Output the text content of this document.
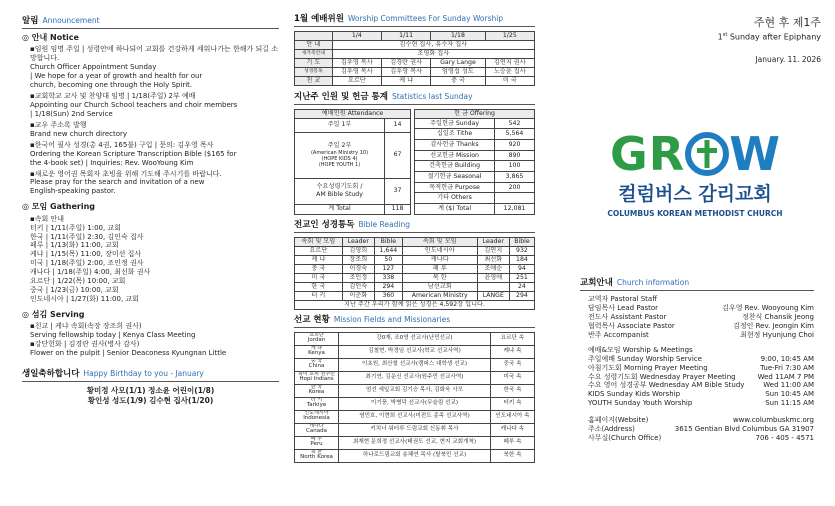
알림 Announcement
◎ 안내 Notice
▪임원 임명 주일 | 성령안에 하나되어 교회를 건강하게 세워나가는 한해가 되길 소망합니다.
Church Officer Appointment Sunday
| We hope for a year of growth and health for our
church, becoming one through the Holy Spirit.
▪교회학교 교사 및 찬양대 임명 | 1/18(주일) 2부 예배
Appointing our Church School teachers and choir members
| 1/18(Sun) 2nd Service
▪교우 주소록 발행
Brand new church directory
▪한국어 필사 성경(총 4권, 165불) 구입 | 문의: 김우영 목사
Ordering the Korean Scripture Transcription Bible ($165 for
the 4-book set) | Inquiries: Rev. WooYoung Kim
▪새로운 영어권 목회자 초빙을 위해 기도해 주시기를 바랍니다.
Please pray for the search and invitation of a new
English-speaking pastor.
◎ 모임 Gathering
▪속회 안내
터키 | 1/11(주일) 1:00, 교회
한국 | 1/11(주일) 2:30, 김인숙 집사
페루 | 1/13(화) 11:00, 교회
케냐 | 1/15(목) 11:00, 장미선 집사
미국 | 1/18(주일) 2:00, 조인정 권사
캐나다 | 1/18(주일) 4:00, 최선화 권사
요르단 | 1/22(목) 10:00, 교회
중국 | 1/23(금) 10:00, 교회
인도네시아 | 1/27(화) 11:00, 교회
◎ 섬김 Serving
▪친교 | 케냐 속회(속장 장조희 권사)
Serving fellowship today | Kenya Class Meeting
▪강단헌화 | 김경란 권사(병사 감사)
Flower on the pulpit | Senior Deaconess Kyungnan Little
생일축하합니다 Happy Birthday to you - January
황미정 사모(1/1) 정소윤 어린이(1/8)
황인성 성도(1/9) 김수현 집사(1/20)
1월 예배위원 Worship Committees For Sunday Worship
	1/4	1/11	1/18	1/25
안 내	김수현 집사, 유수자 집사			
새가족안내	조영화 집사			
기 도	김우영 목사	김경란 권사	Gary Lange	김연지 권사
성경봉독	김우영 목사	김우영 목사	엄영섭 성도	노승윤 집사
친 교	요르단	케 냐	중 국	미 국
지난주 인원 및 헌금 통계 Statistics last Sunday
예배인원 Attendance	

주일 1부	14

주일 2부
(American Ministry 10)
(HOPE KIDS 4)
(HOPE YOUTH 1)	67

수요성령기도회 /
AM Bible Study	37

계 Total	118
헌 금 Offering	
주일헌금 Sunday	542
십일조 Tithe	5,564
감사헌금 Thanks	920
선교헌금 Mission	890
건축헌금 Building	100
절기헌금 Seasonal	3,865
목적헌금 Purpose	200
기타 Others	
계 ($) Total	12,081
전교인 성경통독 Bible Reading
속회 및 모임	Leader	Bible	속회 및 모임	Leader	Bible
요르단	김영희	1,644	인도네시아	김연지	932
케 냐	장조희	50	캐나다	최선화	184
중 국	이경숙	127	페 루	조애순	94
미 국	조인정	338	북 한	윤영애	251
한 국	김인숙	294	남선교회		24
터 키	이춘화	360	American Ministry	LANGE	294
지난 주간 우리가 함께 읽은 성경은 4,592장 입니다.					
선교 현황 Mission Fields and Missionaries
요르단
Jordan	강0재, 조0영 선교사(난민선교)	요르단 속

케 냐
Kenya	김철현, 박경임 선교사(학교 선교사역)	케냐 속

중 국
China	이초원, 최산철 선교사(캠퍼스 대학생 선교)	중국 속

북미 호피 원주민
Hopi Indians	최기연, 김운신 선교사(원주민 선교사역)	미국 속

한 국
Korea	엄선 세잎교회 김기승 목사, 김화욱 사모	한국 속

터 키
Tarkiye	이기풍, 박병덕 선교사(무슬림 선교)	터키 속

인도네시아
Indonesia	염민호, 이현희 선교사(미전도 종족 선교사역)	인도네시아 속

캐나다
Canada	키치너 워터루 드림교회 신동휘 목사	캐나다 속

페 루
Peru	최재현 문희정 선교사(태권도 선교, 현지 교회개척)	페루 속

북 한
North Korea	하나로드림교회 송혜연 목사 (탈북민 선교)	북한 속
주현 후 제1주
1st Sunday after Epiphany
January. 11. 2026
GR W
컬럼버스 감리교회
COLUMBUS KOREAN METHODIST CHURCH
교회안내 Church information
교역자 Pastoral Staff
담임목사 Lead Pastor	김우영 Rev. Wooyoung Kim
전도사 Assistant Pastor	정찬식 Chansik Jeong
협력목사 Associate Pastor	김정인 Rev. Jeongin Kim
반주 Accompanist	최현정 Hyunjung Choi
예배&모임 Worship & Meetings
주일예배 Sunday Worship Service	9:00, 10:45 AM
아침기도회 Morning Prayer Meeting	Tue-Fri 7:30 AM
수요 성령기도회 Wednesday Prayer Meeting	Wed 11AM 7 PM
수요 영어 성경공부 Wednesday AM Bible Study	Wed 11:00 AM
KIDS Sunday Kids Worship	Sun 10:45 AM
YOUTH Sunday Youth Worship	Sun 11:15 AM
홈페이지(Website)	www.columbuskmc.org
주소(Address)	3615 Gentian Blvd Columbus GA 31907
사무실(Church Office)	706 - 405 - 4571
